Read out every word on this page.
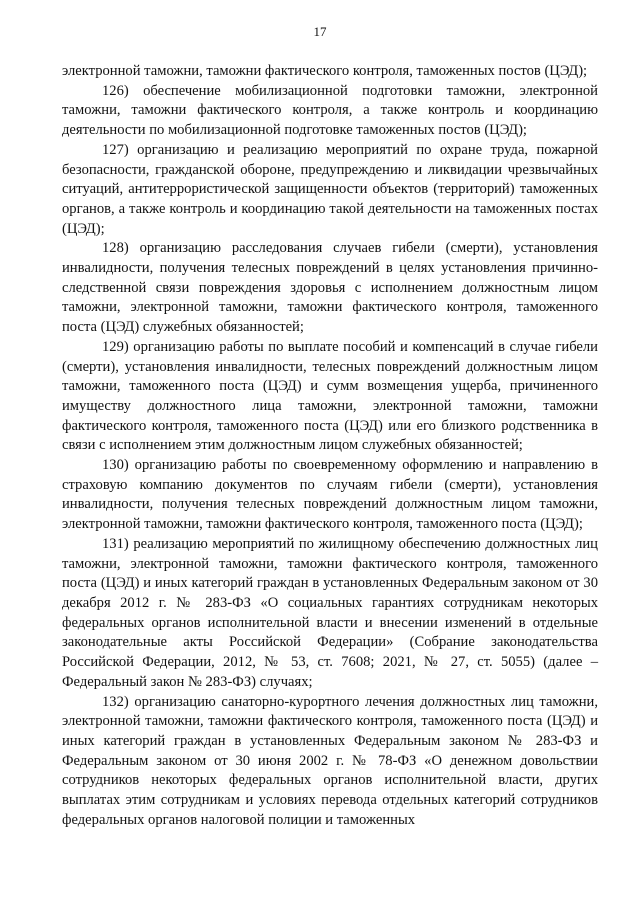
17

электронной таможни, таможни фактического контроля, таможенных постов (ЦЭД);

126) обеспечение мобилизационной подготовки таможни, электронной таможни, таможни фактического контроля, а также контроль и координацию деятельности по мобилизационной подготовке таможенных постов (ЦЭД);

127) организацию и реализацию мероприятий по охране труда, пожарной безопасности, гражданской обороне, предупреждению и ликвидации чрезвычайных ситуаций, антитеррористической защищенности объектов (территорий) таможенных органов, а также контроль и координацию такой деятельности на таможенных постах (ЦЭД);

128) организацию расследования случаев гибели (смерти), установления инвалидности, получения телесных повреждений в целях установления причинно-следственной связи повреждения здоровья с исполнением должностным лицом таможни, электронной таможни, таможни фактического контроля, таможенного поста (ЦЭД) служебных обязанностей;

129) организацию работы по выплате пособий и компенсаций в случае гибели (смерти), установления инвалидности, телесных повреждений должностным лицом таможни, таможенного поста (ЦЭД) и сумм возмещения ущерба, причиненного имуществу должностного лица таможни, электронной таможни, таможни фактического контроля, таможенного поста (ЦЭД) или его близкого родственника в связи с исполнением этим должностным лицом служебных обязанностей;

130) организацию работы по своевременному оформлению и направлению в страховую компанию документов по случаям гибели (смерти), установления инвалидности, получения телесных повреждений должностным лицом таможни, электронной таможни, таможни фактического контроля, таможенного поста (ЦЭД);

131) реализацию мероприятий по жилищному обеспечению должностных лиц таможни, электронной таможни, таможни фактического контроля, таможенного поста (ЦЭД) и иных категорий граждан в установленных Федеральным законом от 30 декабря 2012 г. № 283-ФЗ «О социальных гарантиях сотрудникам некоторых федеральных органов исполнительной власти и внесении изменений в отдельные законодательные акты Российской Федерации» (Собрание законодательства Российской Федерации, 2012, № 53, ст. 7608; 2021, № 27, ст. 5055) (далее – Федеральный закон № 283-ФЗ) случаях;

132) организацию санаторно-курортного лечения должностных лиц таможни, электронной таможни, таможни фактического контроля, таможенного поста (ЦЭД) и иных категорий граждан в установленных Федеральным законом № 283-ФЗ и Федеральным законом от 30 июня 2002 г. № 78-ФЗ «О денежном довольствии сотрудников некоторых федеральных органов исполнительной власти, других выплатах этим сотрудникам и условиях перевода отдельных категорий сотрудников федеральных органов налоговой полиции и таможенных
